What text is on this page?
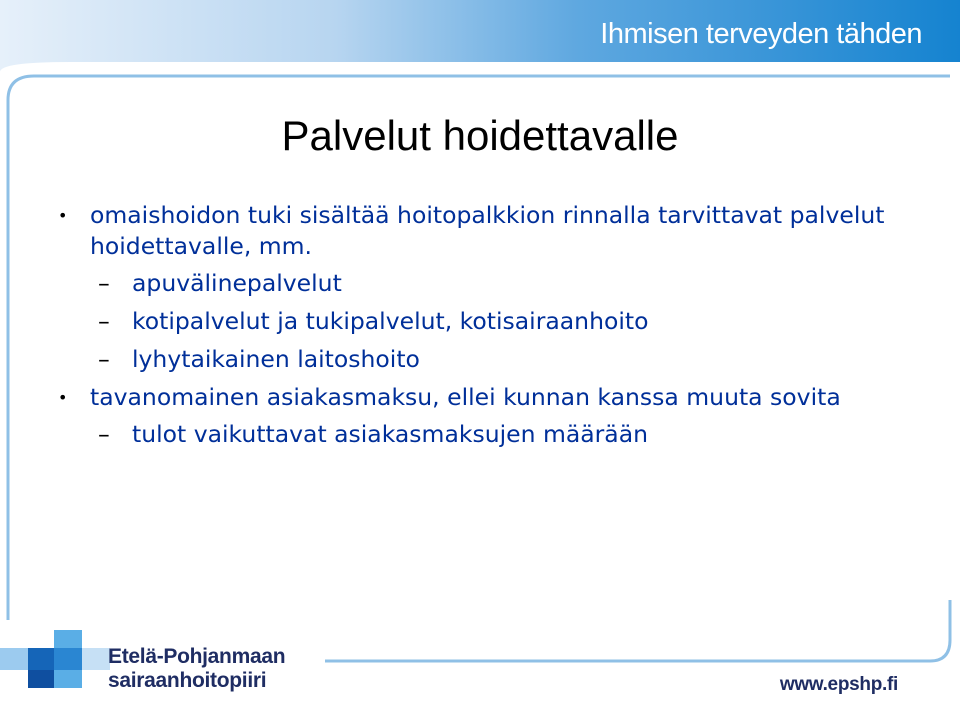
Ihmisen terveyden tähden
Palvelut hoidettavalle
• omaishoidon tuki sisältää hoitopalkkion rinnalla tarvittavat palvelut hoidettavalle, mm.
– apuvälinepalvelut
– kotipalvelut ja tukipalvelut, kotisairaanhoito
– lyhytaikainen laitoshoito
• tavanomainen asiakasmaksu, ellei kunnan kanssa muuta sovita
– tulot vaikuttavat asiakasmaksujen määrään
Etelä-Pohjanmaan
sairaanhoitopiiri	www.epshp.fi
